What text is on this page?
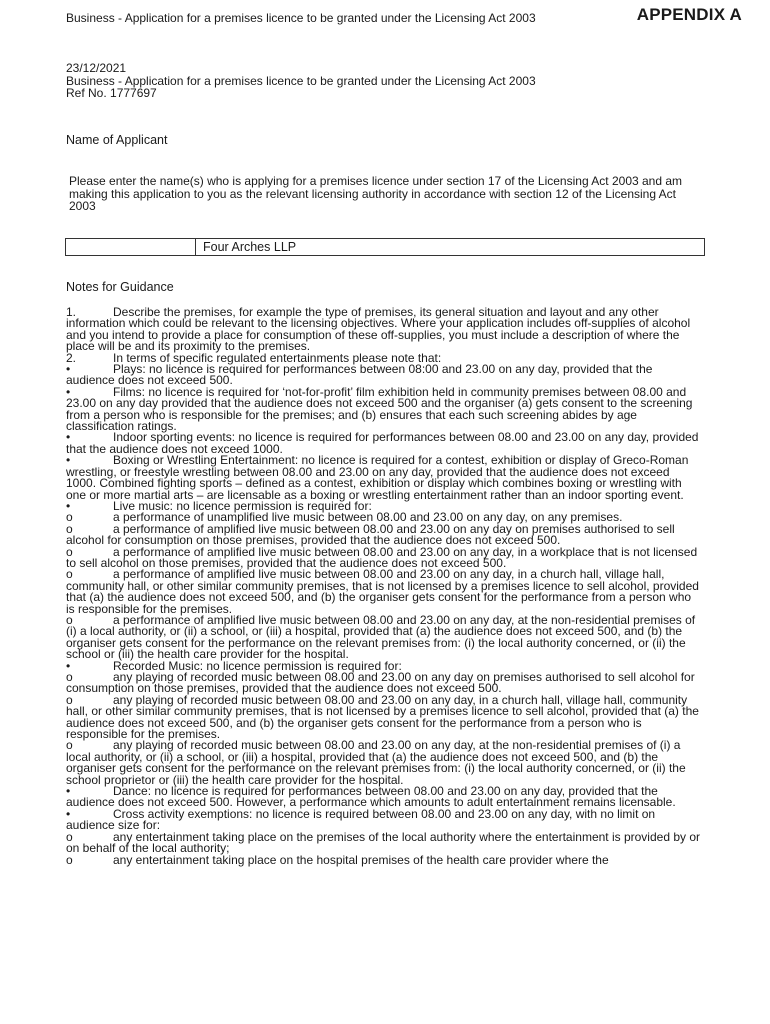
Business - Application for a premises licence to be granted under the Licensing Act 2003	APPENDIX A
23/12/2021
Business - Application for a premises licence to be granted under the Licensing Act 2003
Ref No. 1777697
Name of Applicant
Please enter the name(s) who is applying for a premises licence under section 17 of the Licensing Act 2003 and am making this application to you as the relevant licensing authority in accordance with section 12 of the Licensing Act 2003
Four Arches LLP
Notes for Guidance
1.	Describe the premises, for example the type of premises, its general situation and layout and any other information which could be relevant to the licensing objectives. Where your application includes off-supplies of alcohol and you intend to provide a place for consumption of these off-supplies, you must include a description of where the place will be and its proximity to the premises.
2.	In terms of specific regulated entertainments please note that:
•	Plays: no licence is required for performances between 08:00 and 23.00 on any day, provided that the audience does not exceed 500.
•	Films: no licence is required for ‘not-for-profit’ film exhibition held in community premises between 08.00 and 23.00 on any day provided that the audience does not exceed 500 and the organiser (a) gets consent to the screening from a person who is responsible for the premises; and (b) ensures that each such screening abides by age classification ratings.
•	Indoor sporting events: no licence is required for performances between 08.00 and 23.00 on any day, provided that the audience does not exceed 1000.
•	Boxing or Wrestling Entertainment: no licence is required for a contest, exhibition or display of Greco-Roman wrestling, or freestyle wrestling between 08.00 and 23.00 on any day, provided that the audience does not exceed 1000. Combined fighting sports – defined as a contest, exhibition or display which combines boxing or wrestling with one or more martial arts – are licensable as a boxing or wrestling entertainment rather than an indoor sporting event.
•	Live music: no licence permission is required for:
o	a performance of unamplified live music between 08.00 and 23.00 on any day, on any premises.
o	a performance of amplified live music between 08.00 and 23.00 on any day on premises authorised to sell alcohol for consumption on those premises, provided that the audience does not exceed 500.
o	a performance of amplified live music between 08.00 and 23.00 on any day, in a workplace that is not licensed to sell alcohol on those premises, provided that the audience does not exceed 500.
o	a performance of amplified live music between 08.00 and 23.00 on any day, in a church hall, village hall, community hall, or other similar community premises, that is not licensed by a premises licence to sell alcohol, provided that (a) the audience does not exceed 500, and (b) the organiser gets consent for the performance from a person who is responsible for the premises.
o	a performance of amplified live music between 08.00 and 23.00 on any day, at the non-residential premises of (i) a local authority, or (ii) a school, or (iii) a hospital, provided that (a) the audience does not exceed 500, and (b) the organiser gets consent for the performance on the relevant premises from: (i) the local authority concerned, or (ii) the school or (iii) the health care provider for the hospital.
•	Recorded Music: no licence permission is required for:
o	any playing of recorded music between 08.00 and 23.00 on any day on premises authorised to sell alcohol for consumption on those premises, provided that the audience does not exceed 500.
o	any playing of recorded music between 08.00 and 23.00 on any day, in a church hall, village hall, community hall, or other similar community premises, that is not licensed by a premises licence to sell alcohol, provided that (a) the audience does not exceed 500, and (b) the organiser gets consent for the performance from a person who is responsible for the premises.
o	any playing of recorded music between 08.00 and 23.00 on any day, at the non-residential premises of (i) a local authority, or (ii) a school, or (iii) a hospital, provided that (a) the audience does not exceed 500, and (b) the organiser gets consent for the performance on the relevant premises from: (i) the local authority concerned, or (ii) the school proprietor or (iii) the health care provider for the hospital.
•	Dance: no licence is required for performances between 08.00 and 23.00 on any day, provided that the audience does not exceed 500. However, a performance which amounts to adult entertainment remains licensable.
•	Cross activity exemptions: no licence is required between 08.00 and 23.00 on any day, with no limit on audience size for:
o	any entertainment taking place on the premises of the local authority where the entertainment is provided by or on behalf of the local authority;
o	any entertainment taking place on the hospital premises of the health care provider where the
